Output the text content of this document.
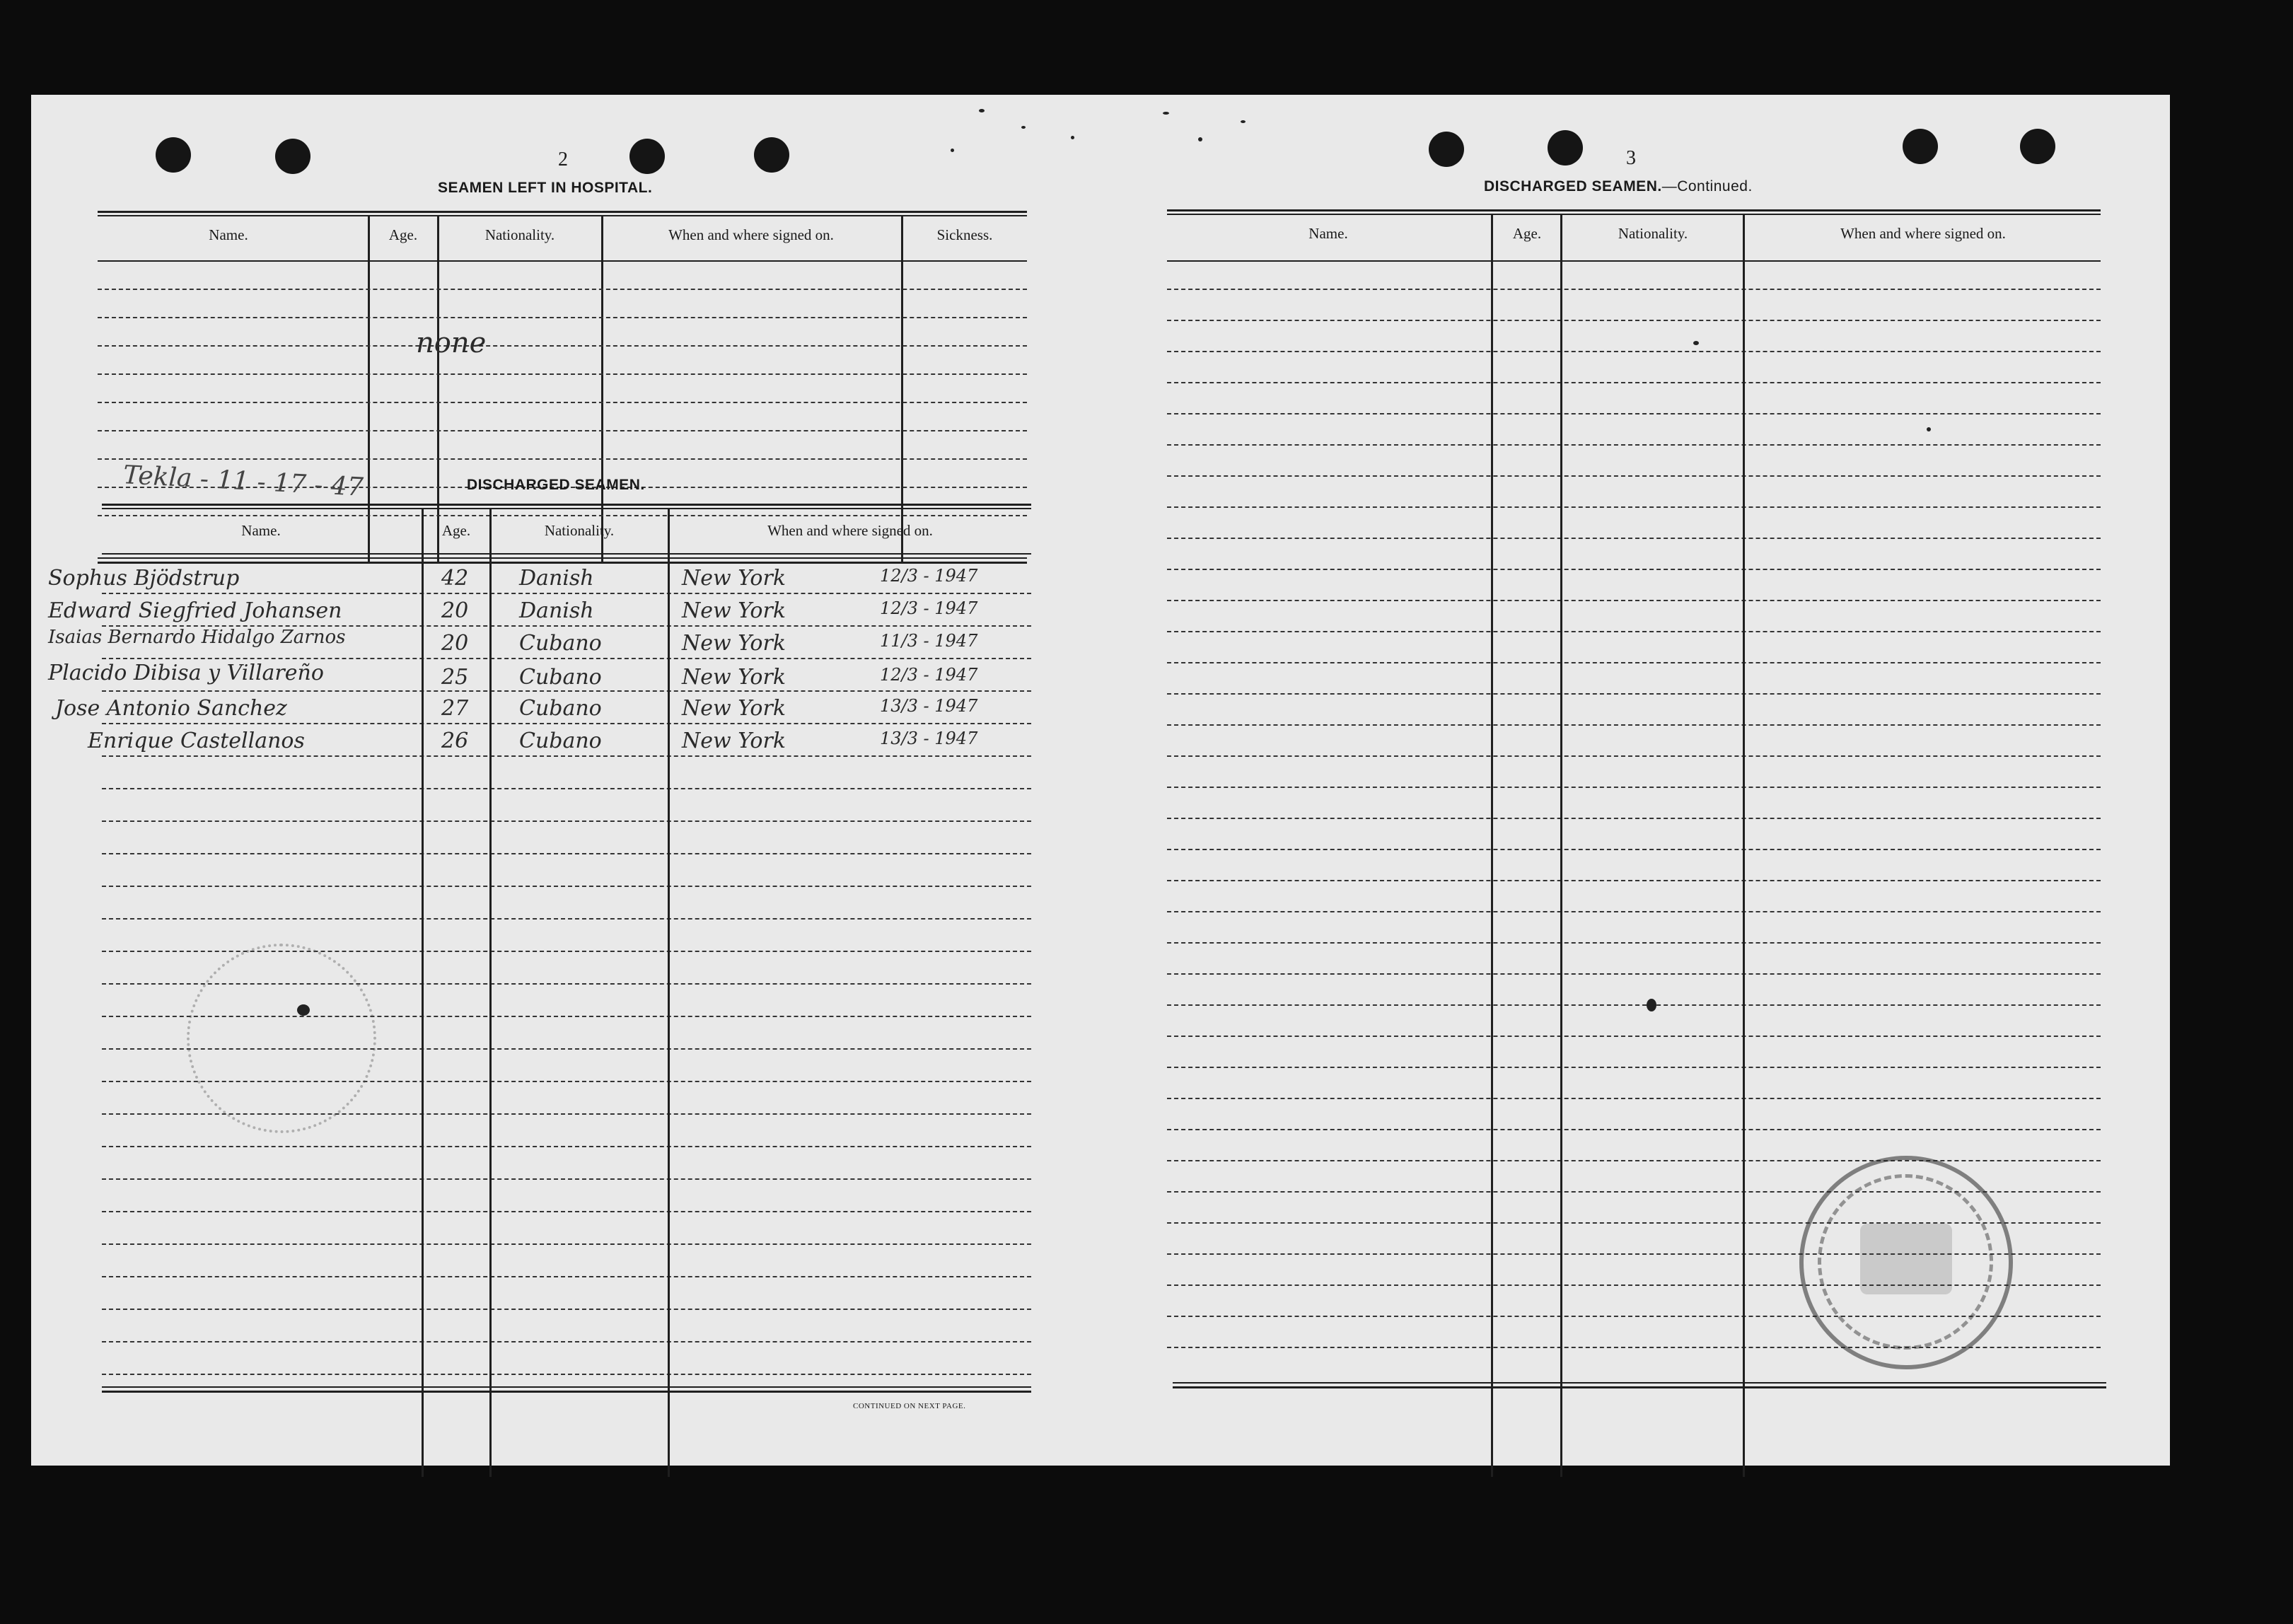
2
SEAMEN LEFT IN HOSPITAL.
Name.	Age.	Nationality.	When and where signed on.	Sickness.
none
Tekla - 11 - 17 - 47	DISCHARGED SEAMEN.
Name.	Age.	Nationality.	When and where signed on.
CONTINUED ON NEXT PAGE.
Sophus Bjödstrup	42 Danish	New York	12/3 - 1947
Edward Siegfried Johansen	20 Danish	New York	12/3 - 1947
Isaias Bernardo Hidalgo Zarnos	20 Cubano	New York	11/3 - 1947
Placido Dibisa y Villareño	25 Cubano	New York	12/3 - 1947
Jose Antonio Sanchez	27 Cubano	New York	13/3 - 1947
Enrique Castellanos	26 Cubano	New York	13/3 - 1947
3
DISCHARGED SEAMEN.—Continued.
Name.	Age.	Nationality.	When and where signed on.
